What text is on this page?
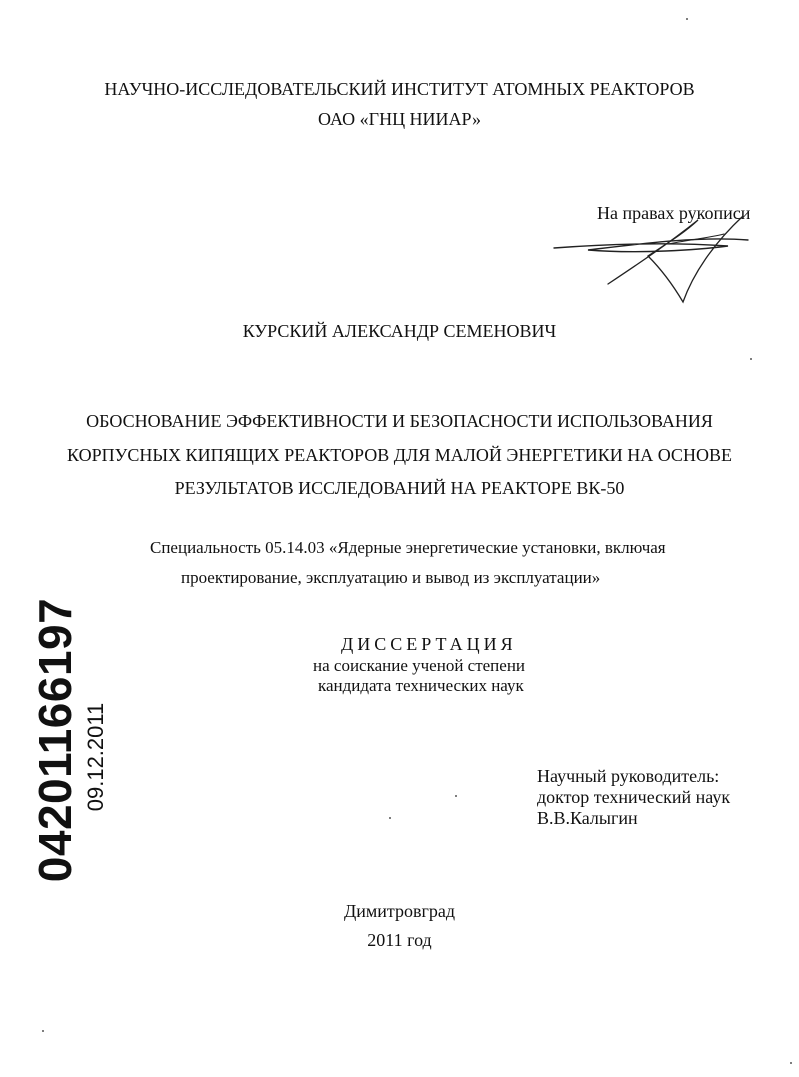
НАУЧНО-ИССЛЕДОВАТЕЛЬСКИЙ ИНСТИТУТ АТОМНЫХ РЕАКТОРОВ
ОАО «ГНЦ НИИАР»
На правах рукописи
КУРСКИЙ АЛЕКСАНДР СЕМЕНОВИЧ
ОБОСНОВАНИЕ ЭФФЕКТИВНОСТИ И БЕЗОПАСНОСТИ ИСПОЛЬЗОВАНИЯ
КОРПУСНЫХ КИПЯЩИХ РЕАКТОРОВ ДЛЯ МАЛОЙ ЭНЕРГЕТИКИ НА ОСНОВЕ
РЕЗУЛЬТАТОВ ИССЛЕДОВАНИЙ НА РЕАКТОРЕ ВК-50
Специальность 05.14.03 «Ядерные энергетические установки, включая
проектирование, эксплуатацию и вывод из эксплуатации»
ДИССЕРТАЦИЯ
на соискание ученой степени
кандидата технических наук
Научный руководитель:
доктор технический наук
В.В.Калыгин
Димитровград
2011 год
04201166197 09.12.2011
